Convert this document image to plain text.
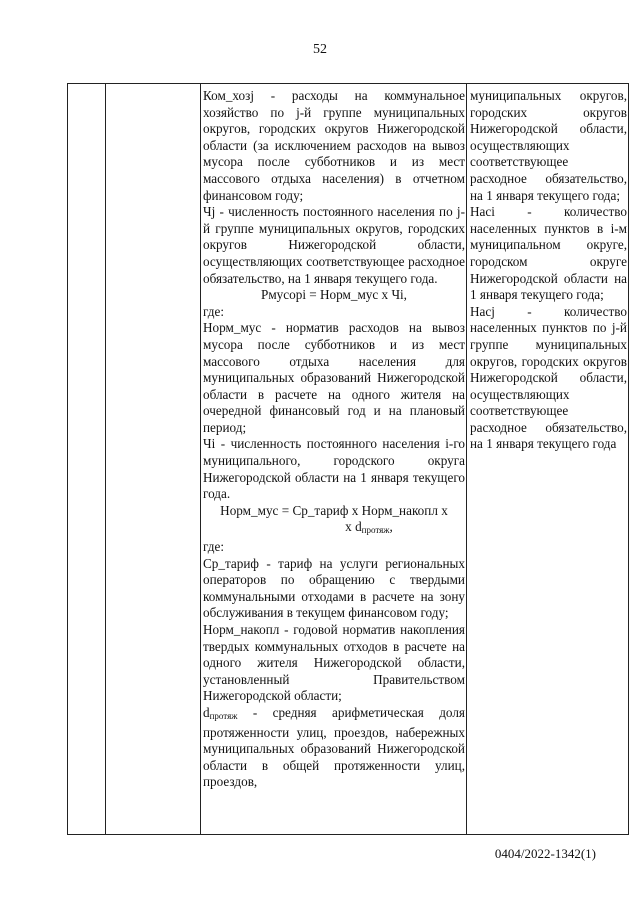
52

Ком_хозj - расходы на коммунальное хозяйство по j-й группе муниципальных округов, городских округов Нижегородской области (за исключением расходов на вывоз мусора после субботников и из мест массового отдыха населения) в отчетном финансовом году;

Чj - численность постоянного населения по j-й группе муниципальных округов, городских округов Нижегородской области, осуществляющих соответствующее расходное обязательство, на 1 января текущего года.

Рмусорi = Норм_мус х Чi,

где:

Норм_мус - норматив расходов на вывоз мусора после субботников и из мест массового отдыха населения для муниципальных образований Нижегородской области в расчете на одного жителя на очередной финансовый год и на плановый период;

Чi - численность постоянного населения i-го муниципального, городского округа Нижегородской области на 1 января текущего года.

Норм_мус = Ср_тариф х Норм_накопл х

х $d_{протяж}$,

где:

Ср_тариф - тариф на услуги региональных операторов по обращению с твердыми коммунальными отходами в расчете на зону обслуживания в текущем финансовом году;

Норм_накопл - годовой норматив накопления твердых коммунальных отходов в расчете на одного жителя Нижегородской области, установленный Правительством Нижегородской области;

$d_{протяж}$ - средняя арифметическая доля протяженности улиц, проездов, набережных муниципальных образований Нижегородской области в общей протяженности улиц, проездов,

муниципальных округов, городских округов Нижегородской области, осуществляющих соответствующее расходное обязательство, на 1 января текущего года;

Насi - количество населенных пунктов в i-м муниципальном округе, городском округе Нижегородской области на 1 января текущего года;

Насj - количество населенных пунктов по j-й группе муниципальных округов, городских округов Нижегородской области, осуществляющих соответствующее расходное обязательство, на 1 января текущего года

0404/2022-1342(1)
